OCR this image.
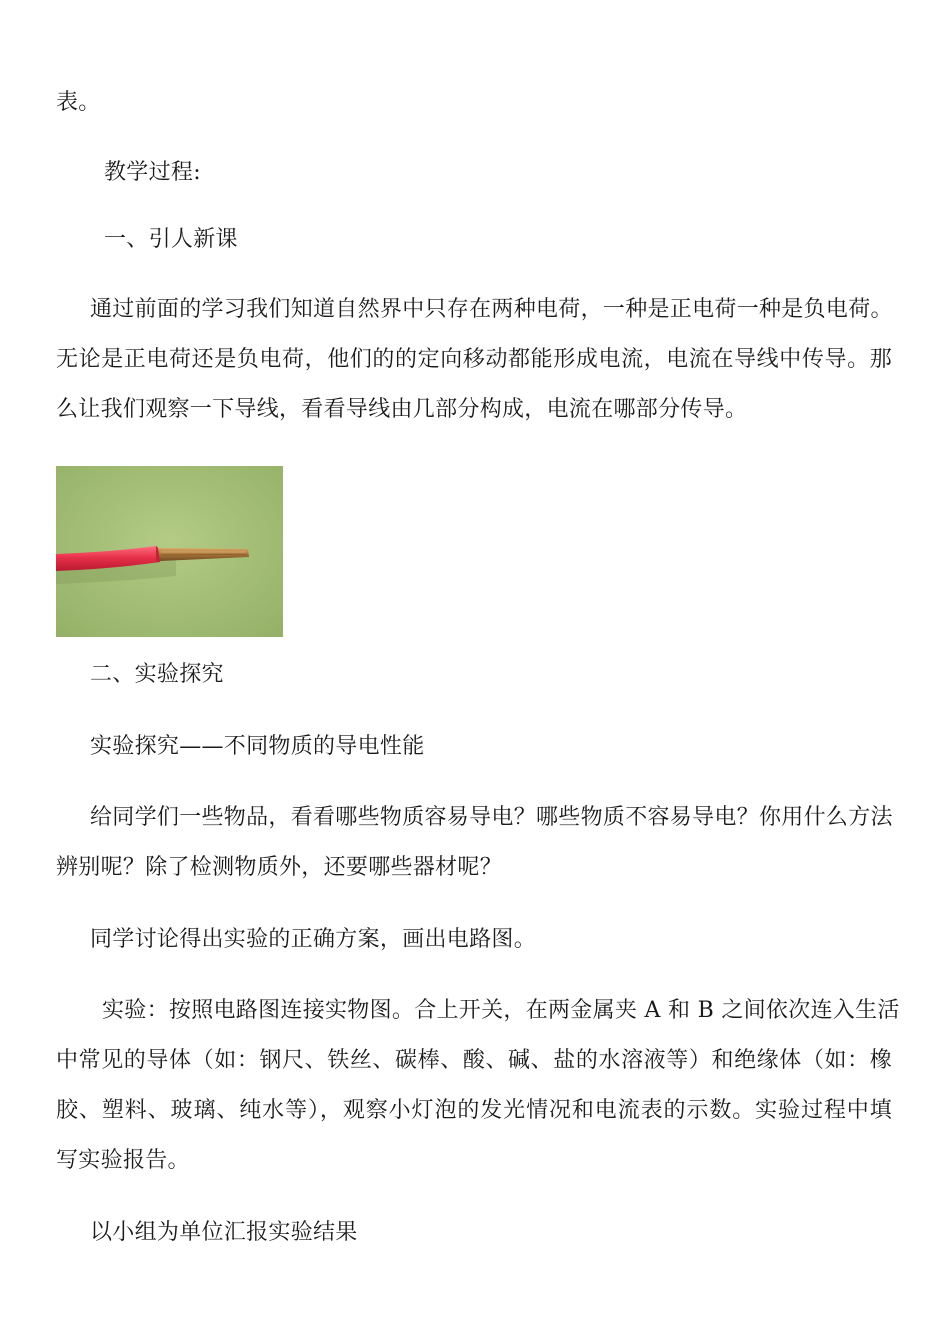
表。
教学过程:
一、引人新课
通过前面的学习我们知道自然界中只存在两种电荷，一种是正电荷一种是负电荷。
无论是正电荷还是负电荷，他们的的定向移动都能形成电流，电流在导线中传导。那
么让我们观察一下导线，看看导线由几部分构成，电流在哪部分传导。
二、实验探究
实验探究——不同物质的导电性能
给同学们一些物品，看看哪些物质容易导电？哪些物质不容易导电？你用什么方法
辨别呢？除了检测物质外，还要哪些器材呢？
同学讨论得出实验的正确方案，画出电路图。
实验：按照电路图连接实物图。合上开关，在两金属夹 A 和 B 之间依次连入生活
中常见的导体（如：钢尺、铁丝、碳棒、酸、碱、盐的水溶液等）和绝缘体（如：橡
胶、塑料、玻璃、纯水等），观察小灯泡的发光情况和电流表的示数。实验过程中填
写实验报告。
以小组为单位汇报实验结果
